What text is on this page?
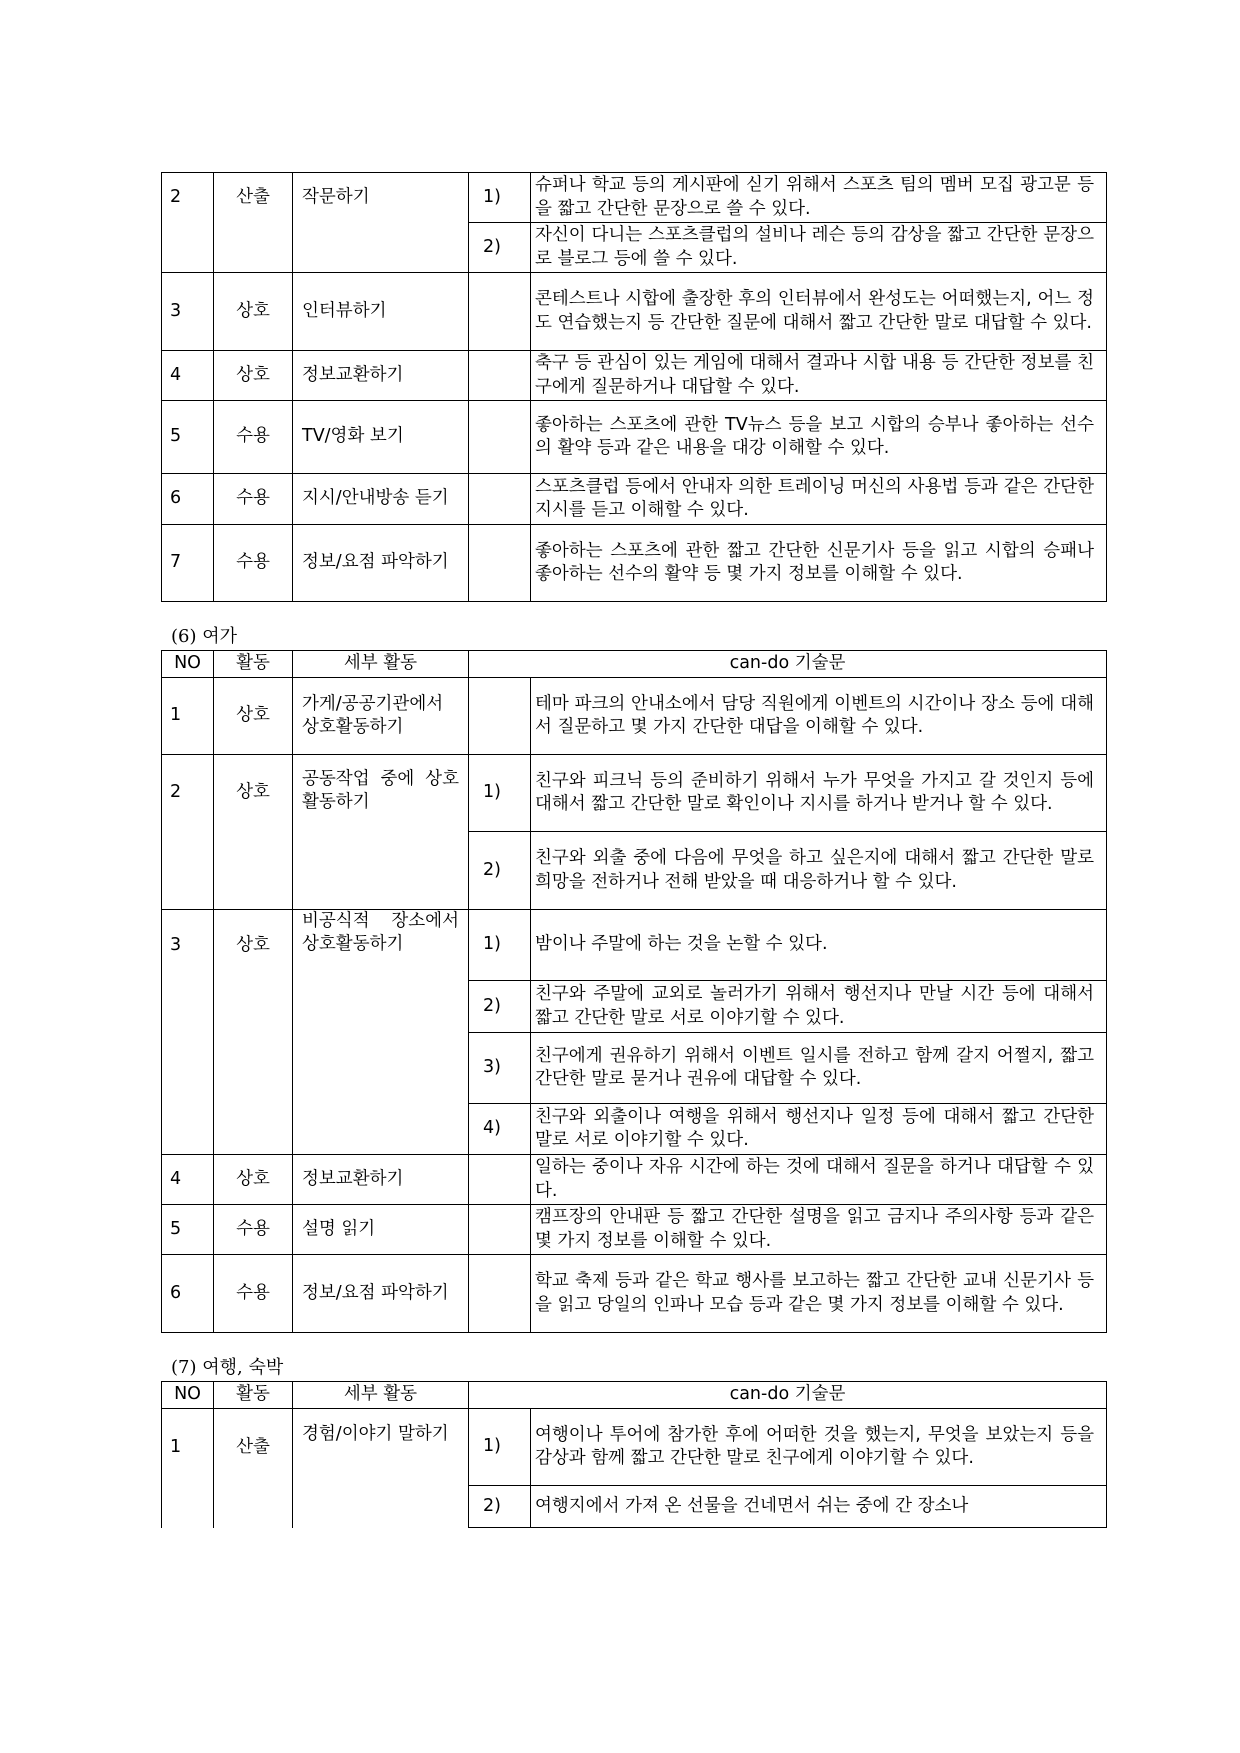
2	산출	작문하기	1)	슈퍼나 학교 등의 게시판에 싣기 위해서 스포츠 팀의 멤버 모집 광고문 등을 짧고 간단한 문장으로 쓸 수 있다.
			2)	자신이 다니는 스포츠클럽의 설비나 레슨 등의 감상을 짧고 간단한 문장으로 블로그 등에 쓸 수 있다.
3	상호	인터뷰하기		콘테스트나 시합에 출장한 후의 인터뷰에서 완성도는 어떠했는지, 어느 정도 연습했는지 등 간단한 질문에 대해서 짧고 간단한 말로 대답할 수 있다.
4	상호	정보교환하기		축구 등 관심이 있는 게임에 대해서 결과나 시합 내용 등 간단한 정보를 친구에게 질문하거나 대답할 수 있다.
5	수용	TV/영화 보기		좋아하는 스포츠에 관한 TV뉴스 등을 보고 시합의 승부나 좋아하는 선수의 활약 등과 같은 내용을 대강 이해할 수 있다.
6	수용	지시/안내방송 듣기		스포츠클럽 등에서 안내자 의한 트레이닝 머신의 사용법 등과 같은 간단한 지시를 듣고 이해할 수 있다.
7	수용	정보/요점 파악하기		좋아하는 스포츠에 관한 짧고 간단한 신문기사 등을 읽고 시합의 승패나 좋아하는 선수의 활약 등 몇 가지 정보를 이해할 수 있다.
(6) 여가
NO	활동	세부 활동	can-do 기술문	
1	상호	가게/공공기관에서 상호활동하기		테마 파크의 안내소에서 담당 직원에게 이벤트의 시간이나 장소 등에 대해서 질문하고 몇 가지 간단한 대답을 이해할 수 있다.
2	상호	공동작업 중에 상호활동하기	1)	친구와 피크닉 등의 준비하기 위해서 누가 무엇을 가지고 갈 것인지 등에 대해서 짧고 간단한 말로 확인이나 지시를 하거나 받거나 할 수 있다.
			2)	친구와 외출 중에 다음에 무엇을 하고 싶은지에 대해서 짧고 간단한 말로 희망을 전하거나 전해 받았을 때 대응하거나 할 수 있다.
3	상호	비공식적 장소에서 상호활동하기	1)	밤이나 주말에 하는 것을 논할 수 있다.
			2)	친구와 주말에 교외로 놀러가기 위해서 행선지나 만날 시간 등에 대해서 짧고 간단한 말로 서로 이야기할 수 있다.
			3)	친구에게 권유하기 위해서 이벤트 일시를 전하고 함께 갈지 어쩔지, 짧고 간단한 말로 묻거나 권유에 대답할 수 있다.
			4)	친구와 외출이나 여행을 위해서 행선지나 일정 등에 대해서 짧고 간단한 말로 서로 이야기할 수 있다.
4	상호	정보교환하기		일하는 중이나 자유 시간에 하는 것에 대해서 질문을 하거나 대답할 수 있다.
5	수용	설명 읽기		캠프장의 안내판 등 짧고 간단한 설명을 읽고 금지나 주의사항 등과 같은 몇 가지 정보를 이해할 수 있다.
6	수용	정보/요점 파악하기		학교 축제 등과 같은 학교 행사를 보고하는 짧고 간단한 교내 신문기사 등을 읽고 당일의 인파나 모습 등과 같은 몇 가지 정보를 이해할 수 있다.
(7) 여행, 숙박
NO	활동	세부 활동	can-do 기술문	
1	산출	경험/이야기 말하기	1)	여행이나 투어에 참가한 후에 어떠한 것을 했는지, 무엇을 보았는지 등을 감상과 함께 짧고 간단한 말로 친구에게 이야기할 수 있다.
			2)	여행지에서 가져 온 선물을 건네면서 쉬는 중에 간 장소나
